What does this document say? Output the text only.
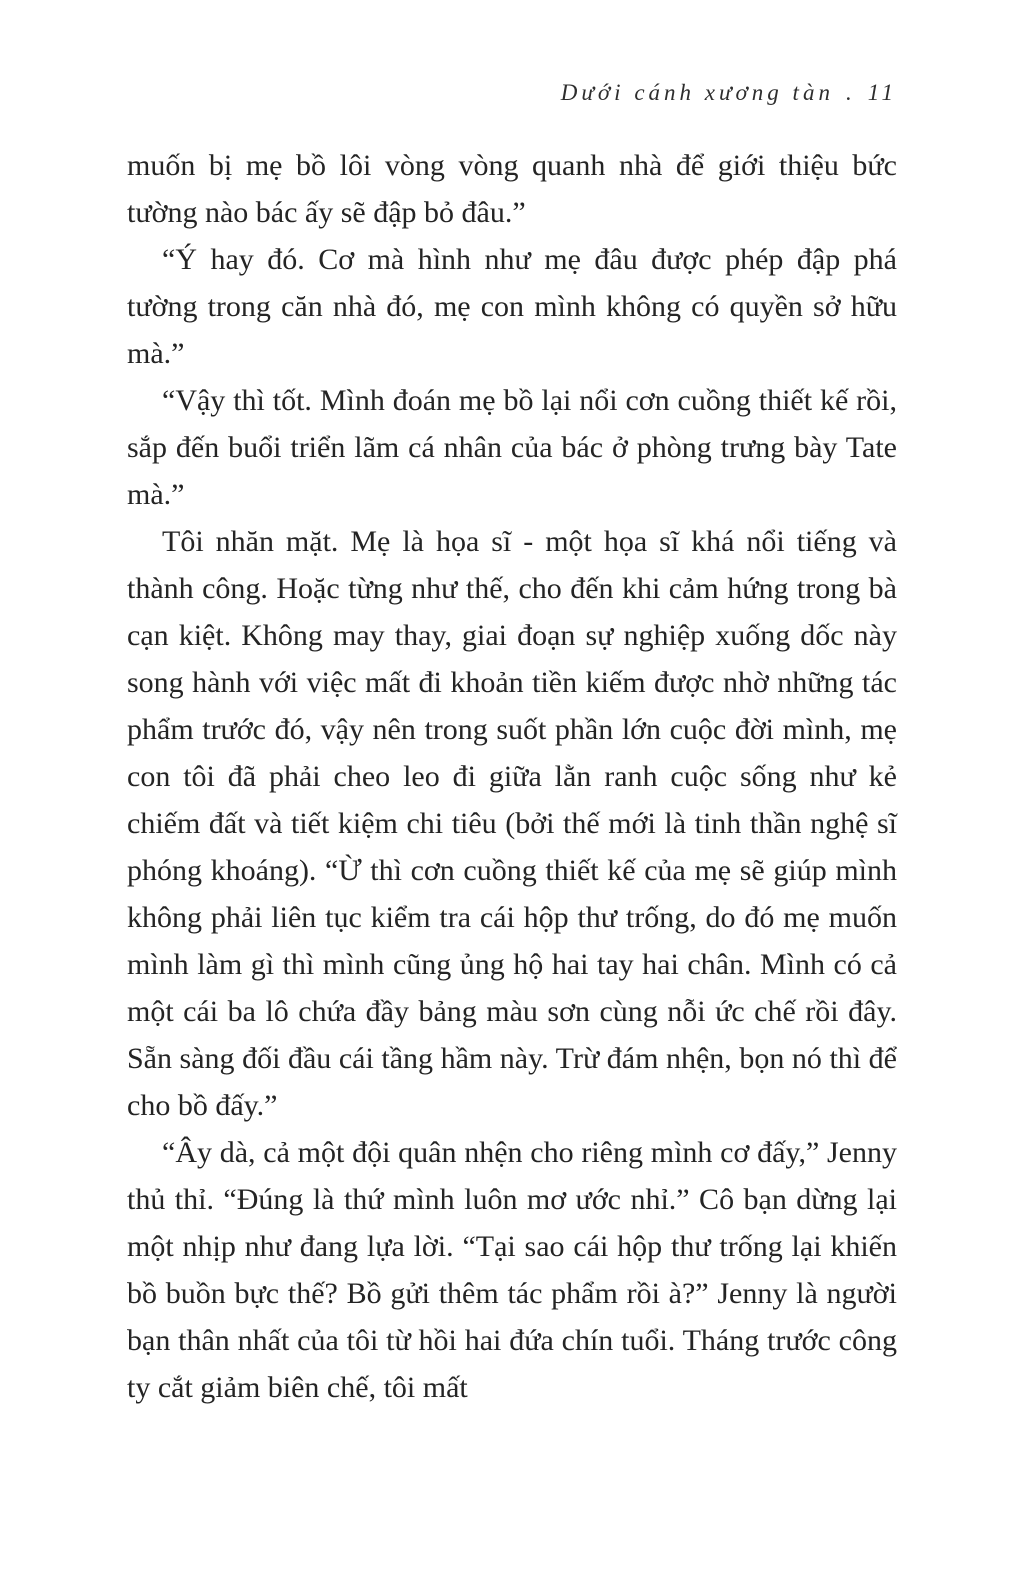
Dưới cánh xương tàn . 11

muốn bị mẹ bồ lôi vòng vòng quanh nhà để giới thiệu bức tường nào bác ấy sẽ đập bỏ đâu.”

“Ý hay đó. Cơ mà hình như mẹ đâu được phép đập phá tường trong căn nhà đó, mẹ con mình không có quyền sở hữu mà.”

“Vậy thì tốt. Mình đoán mẹ bồ lại nổi cơn cuồng thiết kế rồi, sắp đến buổi triển lãm cá nhân của bác ở phòng trưng bày Tate mà.”

Tôi nhăn mặt. Mẹ là họa sĩ - một họa sĩ khá nổi tiếng và thành công. Hoặc từng như thế, cho đến khi cảm hứng trong bà cạn kiệt. Không may thay, giai đoạn sự nghiệp xuống dốc này song hành với việc mất đi khoản tiền kiếm được nhờ những tác phẩm trước đó, vậy nên trong suốt phần lớn cuộc đời mình, mẹ con tôi đã phải cheo leo đi giữa lằn ranh cuộc sống như kẻ chiếm đất và tiết kiệm chi tiêu (bởi thế mới là tinh thần nghệ sĩ phóng khoáng). “Ừ thì cơn cuồng thiết kế của mẹ sẽ giúp mình không phải liên tục kiểm tra cái hộp thư trống, do đó mẹ muốn mình làm gì thì mình cũng ủng hộ hai tay hai chân. Mình có cả một cái ba lô chứa đầy bảng màu sơn cùng nỗi ức chế rồi đây. Sẵn sàng đối đầu cái tầng hầm này. Trừ đám nhện, bọn nó thì để cho bồ đấy.”

“Ây dà, cả một đội quân nhện cho riêng mình cơ đấy,” Jenny thủ thỉ. “Đúng là thứ mình luôn mơ ước nhỉ.” Cô bạn dừng lại một nhịp như đang lựa lời. “Tại sao cái hộp thư trống lại khiến bồ buồn bực thế? Bồ gửi thêm tác phẩm rồi à?” Jenny là người bạn thân nhất của tôi từ hồi hai đứa chín tuổi. Tháng trước công ty cắt giảm biên chế, tôi mất
